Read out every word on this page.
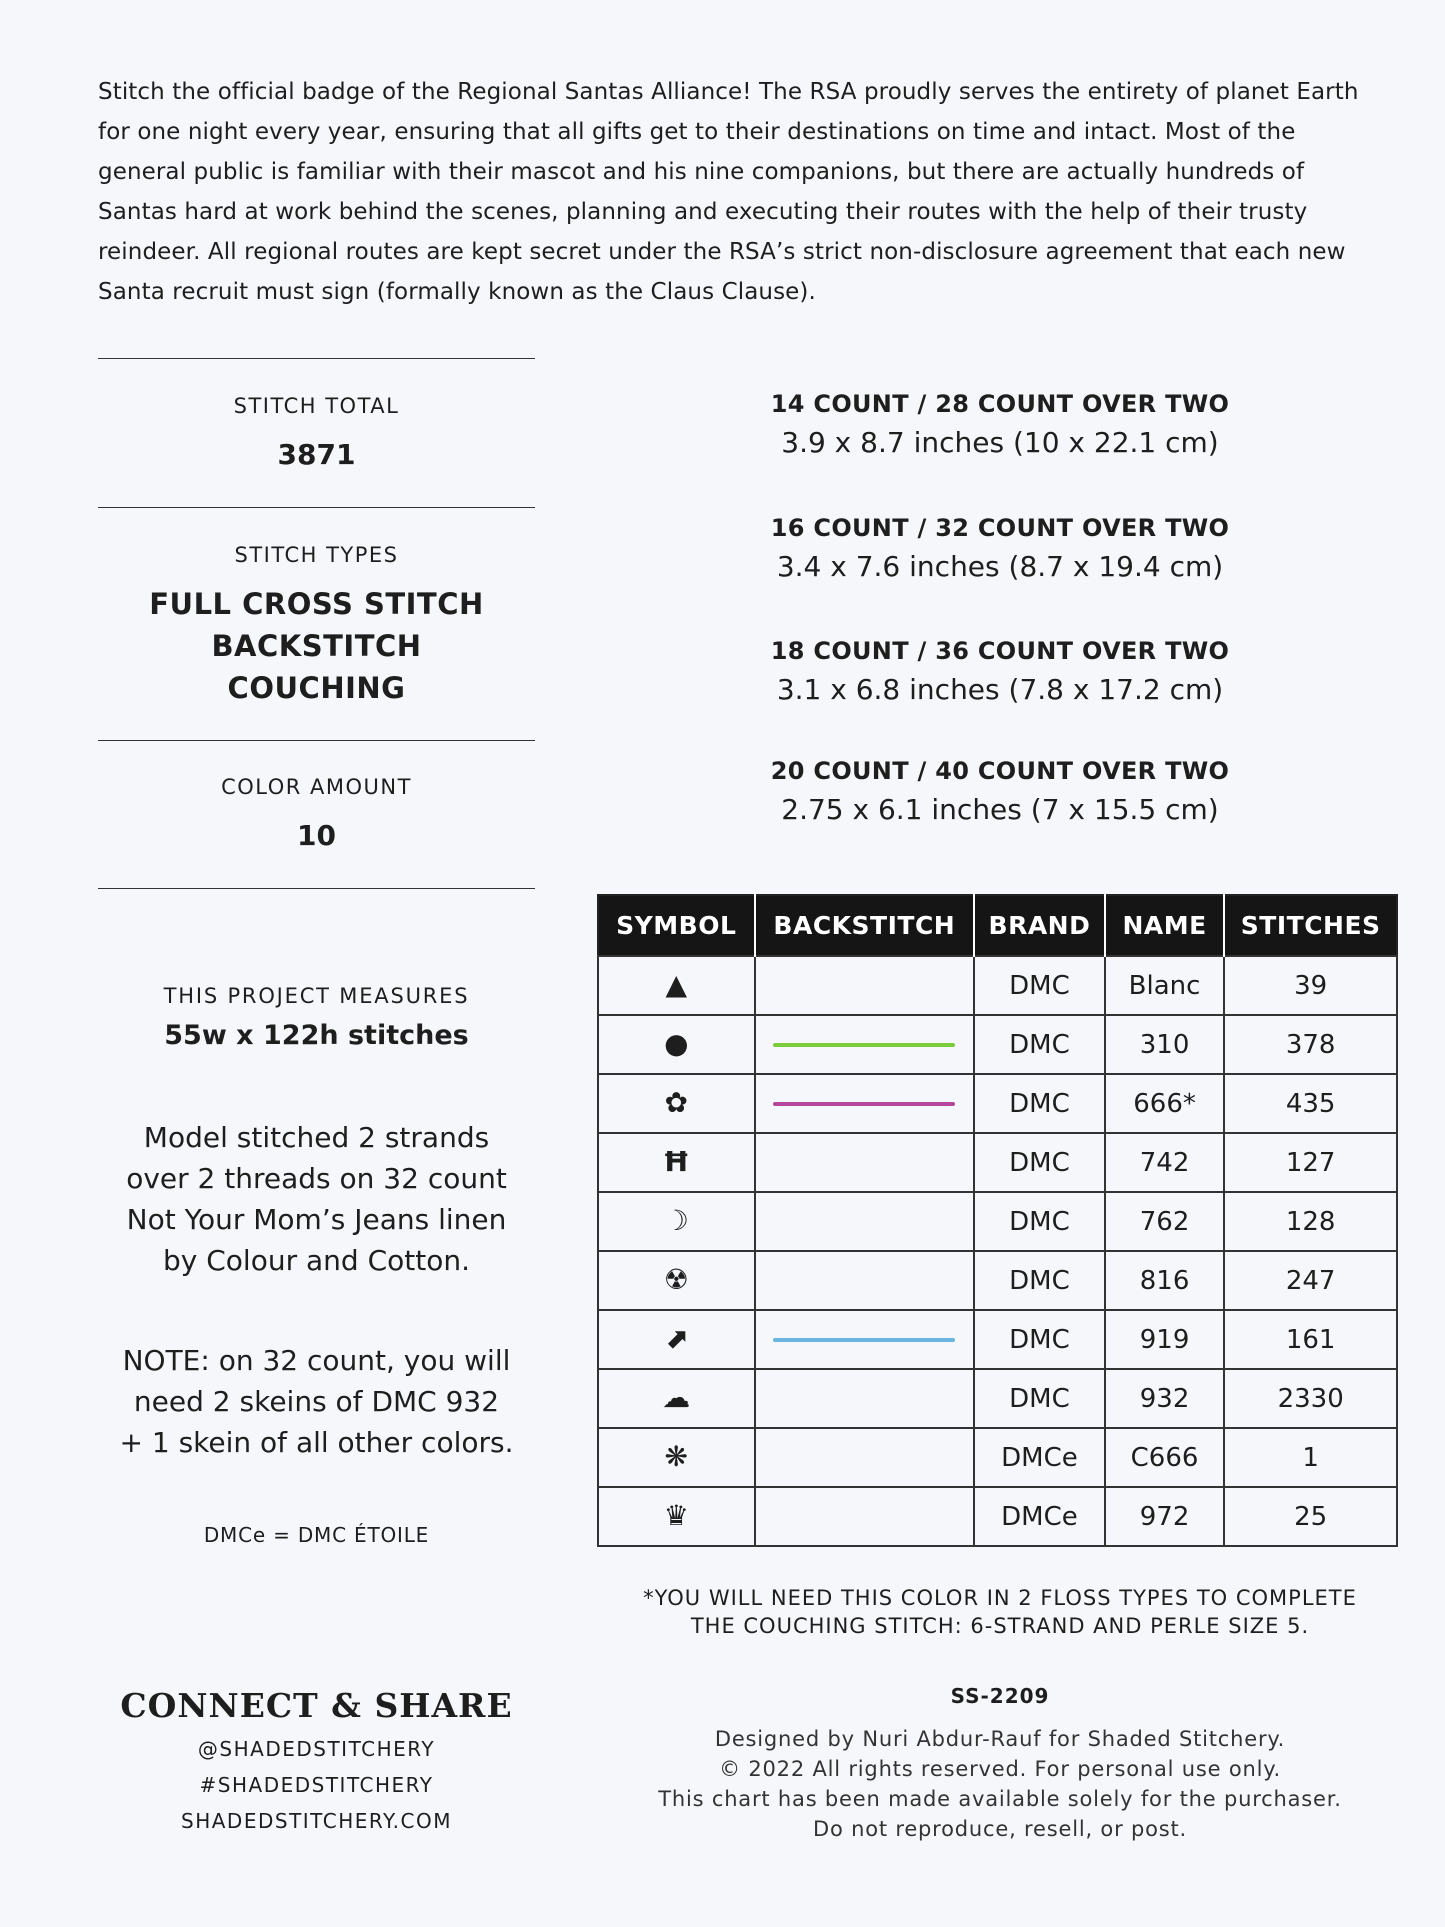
Stitch the official badge of the Regional Santas Alliance! The RSA proudly serves the entirety of planet Earth for one night every year, ensuring that all gifts get to their destinations on time and intact. Most of the general public is familiar with their mascot and his nine companions, but there are actually hundreds of Santas hard at work behind the scenes, planning and executing their routes with the help of their trusty reindeer. All regional routes are kept secret under the RSA’s strict non-disclosure agreement that each new Santa recruit must sign (formally known as the Claus Clause).

STITCH TOTAL
3871
STITCH TYPES
FULL CROSS STITCH
BACKSTITCH
COUCHING
COLOR AMOUNT
10
THIS PROJECT MEASURES
55w x 122h stitches
Model stitched 2 strands
over 2 threads on 32 count
Not Your Mom’s Jeans linen
by Colour and Cotton.
NOTE: on 32 count, you will
need 2 skeins of DMC 932
+ 1 skein of all other colors.
DMCe = DMC ÉTOILE
CONNECT & SHARE
@SHADEDSTITCHERY
#SHADEDSTITCHERY
SHADEDSTITCHERY.COM
14 COUNT / 28 COUNT OVER TWO
3.9 x 8.7 inches (10 x 22.1 cm)
16 COUNT / 32 COUNT OVER TWO
3.4 x 7.6 inches (8.7 x 19.4 cm)
18 COUNT / 36 COUNT OVER TWO
3.1 x 6.8 inches (7.8 x 17.2 cm)
20 COUNT / 40 COUNT OVER TWO
2.75 x 6.1 inches (7 x 15.5 cm)
SYMBOL	BACKSTITCH	BRAND	NAME	STITCHES
▲		DMC	Blanc	39
●		DMC	310	378
✿		DMC	666*	435
Ħ		DMC	742	127
☽		DMC	762	128
☢		DMC	816	247
⬈		DMC	919	161
☁		DMC	932	2330
❋		DMCe	C666	1
♛		DMCe	972	25
*YOU WILL NEED THIS COLOR IN 2 FLOSS TYPES TO COMPLETE
THE COUCHING STITCH: 6-STRAND AND PERLE SIZE 5.
SS-2209
Designed by Nuri Abdur-Rauf for Shaded Stitchery.
© 2022 All rights reserved. For personal use only.
This chart has been made available solely for the purchaser.
Do not reproduce, resell, or post.
